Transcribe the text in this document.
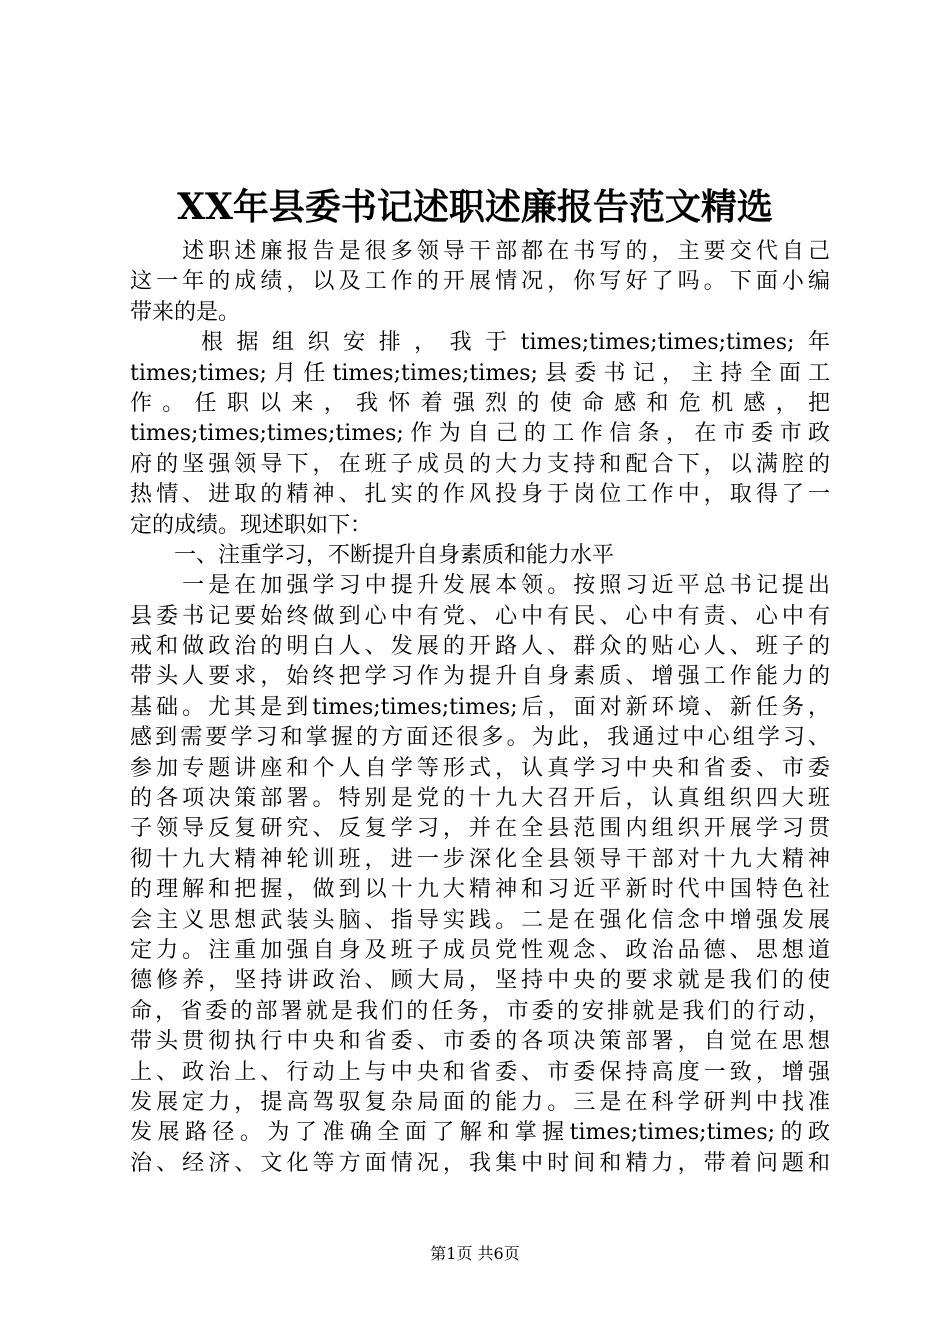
XX年县委书记述职述廉报告范文精选
　　述职述廉报告是很多领导干部都在书写的，主要交代自己
这一年的成绩，以及工作的开展情况，你写好了吗。下面小编
带来的是。
　　根据组织安排，我于times;times;times;times;年
times;times;月任times;times;times;县委书记，主持全面工
作。任职以来，我怀着强烈的使命感和危机感，把
times;times;times;times;作为自己的工作信条，在市委市政
府的坚强领导下，在班子成员的大力支持和配合下，以满腔的
热情、进取的精神、扎实的作风投身于岗位工作中，取得了一
定的成绩。现述职如下：
　　一、注重学习，不断提升自身素质和能力水平
　　一是在加强学习中提升发展本领。按照习近平总书记提出
县委书记要始终做到心中有党、心中有民、心中有责、心中有
戒和做政治的明白人、发展的开路人、群众的贴心人、班子的
带头人要求，始终把学习作为提升自身素质、增强工作能力的
基础。尤其是到times;times;times;后，面对新环境、新任务，
感到需要学习和掌握的方面还很多。为此，我通过中心组学习、
参加专题讲座和个人自学等形式，认真学习中央和省委、市委
的各项决策部署。特别是党的十九大召开后，认真组织四大班
子领导反复研究、反复学习，并在全县范围内组织开展学习贯
彻十九大精神轮训班，进一步深化全县领导干部对十九大精神
的理解和把握，做到以十九大精神和习近平新时代中国特色社
会主义思想武装头脑、指导实践。二是在强化信念中增强发展
定力。注重加强自身及班子成员党性观念、政治品德、思想道
德修养，坚持讲政治、顾大局，坚持中央的要求就是我们的使
命，省委的部署就是我们的任务，市委的安排就是我们的行动，
带头贯彻执行中央和省委、市委的各项决策部署，自觉在思想
上、政治上、行动上与中央和省委、市委保持高度一致，增强
发展定力，提高驾驭复杂局面的能力。三是在科学研判中找准
发展路径。为了准确全面了解和掌握times;times;times;的政
治、经济、文化等方面情况，我集中时间和精力，带着问题和
第1页 共6页
